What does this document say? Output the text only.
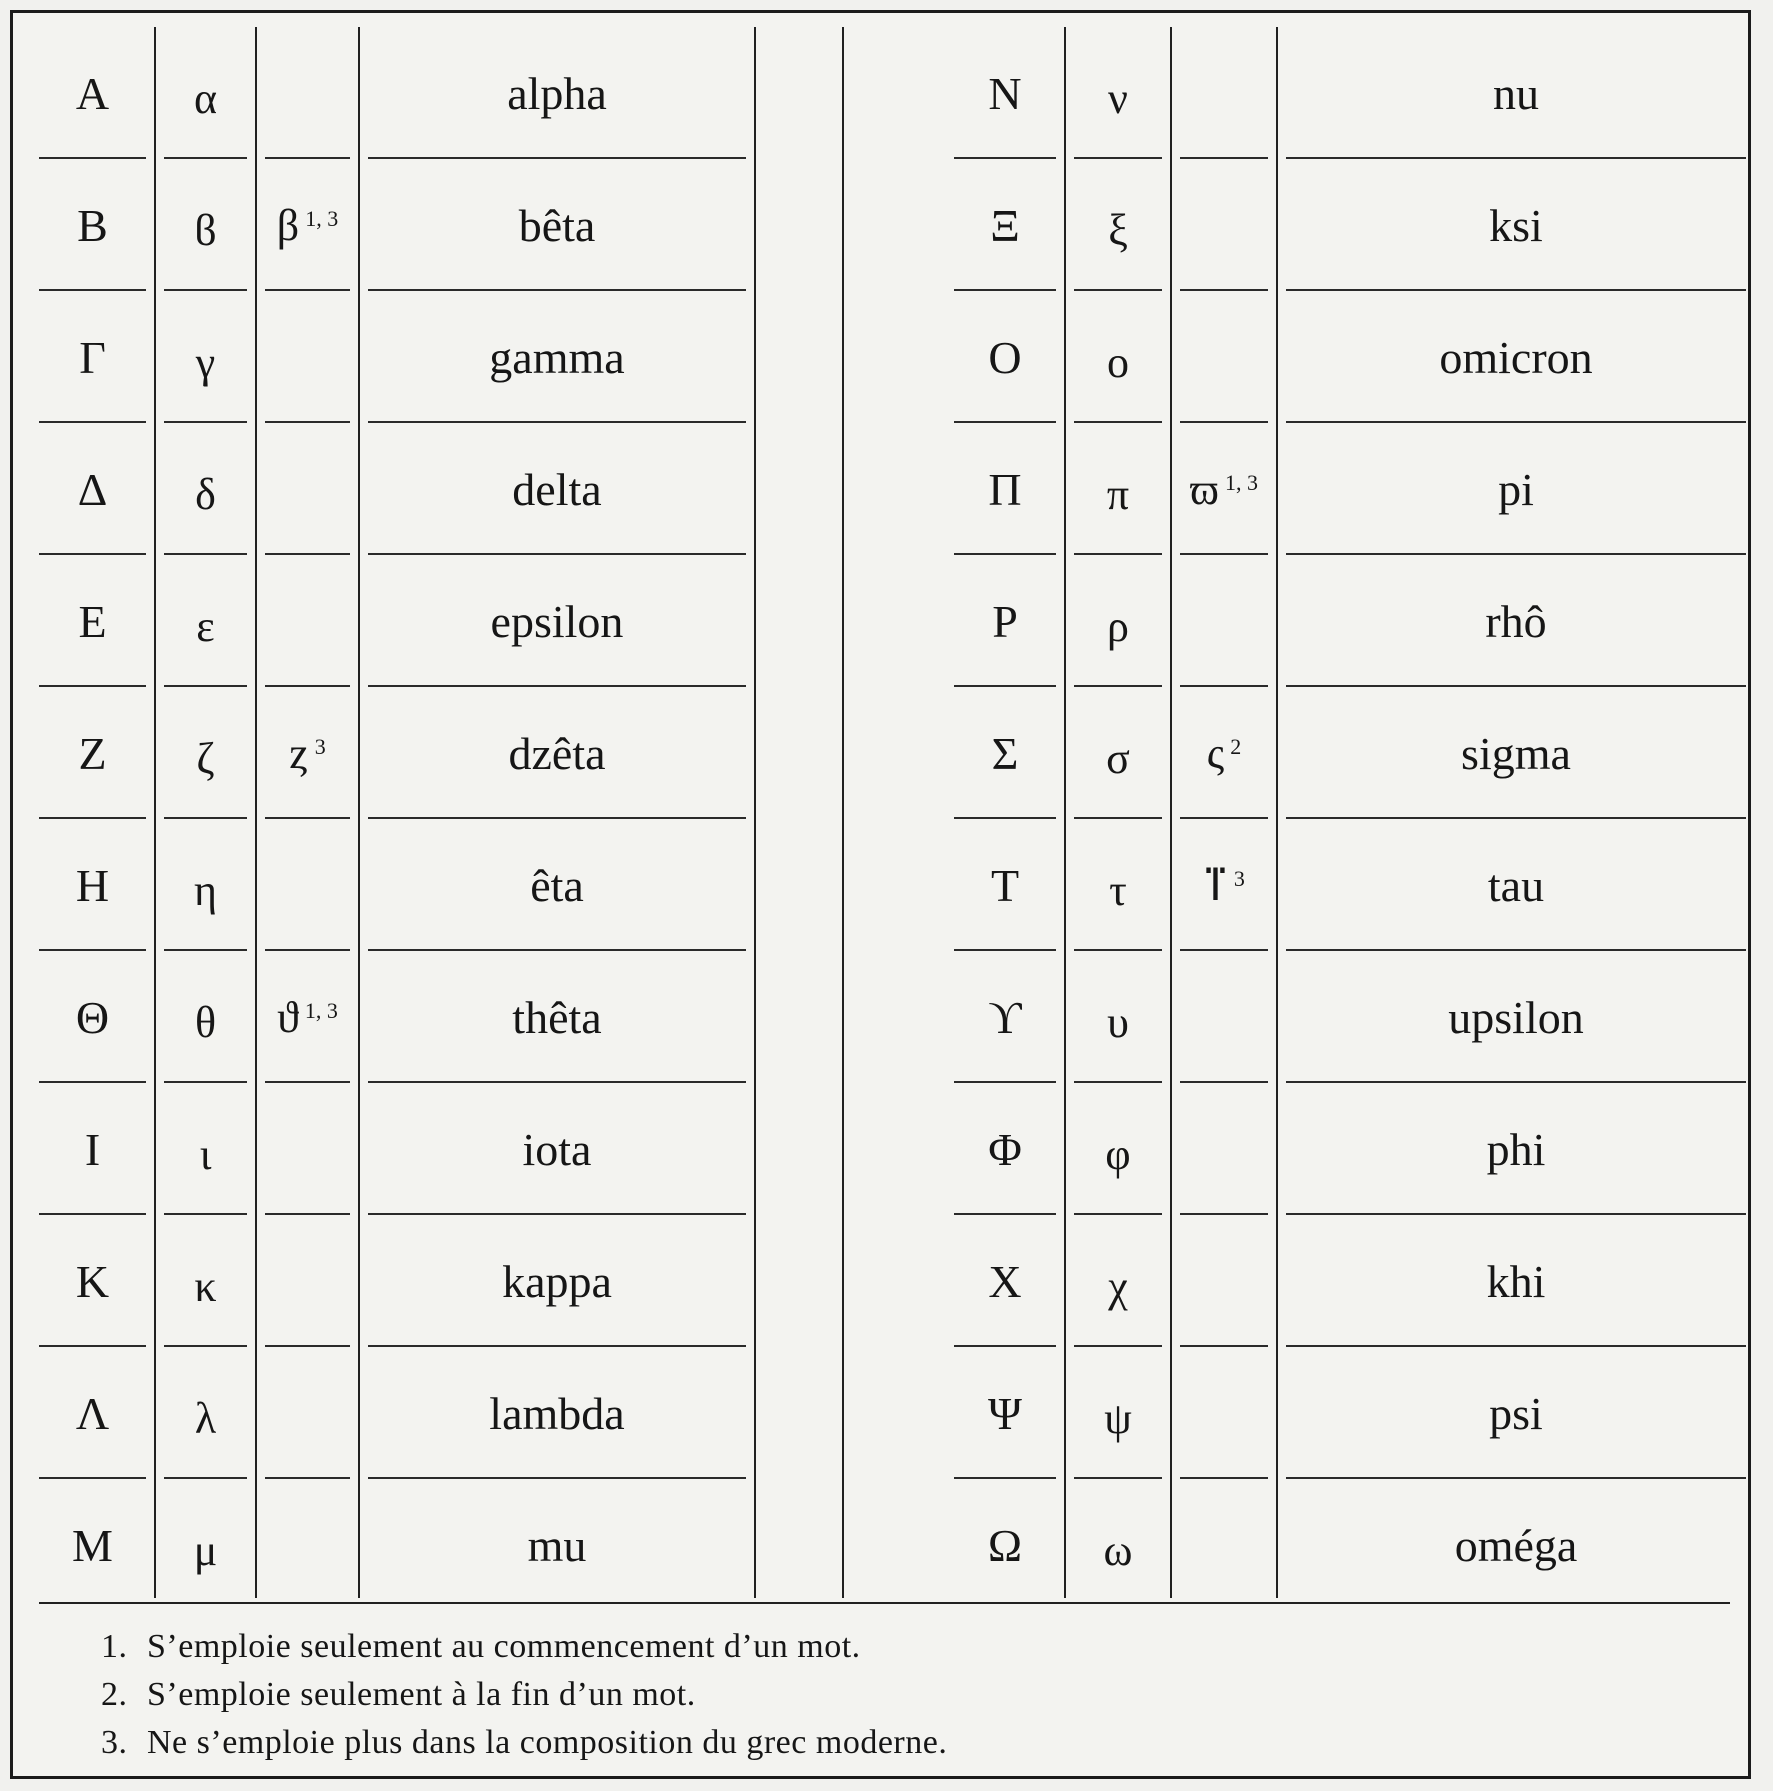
A α	alpha
B ϐ β $^{1, 3}$	bêta
Γ γ	gamma
Δ δ	delta
E ε	epsilon
Z ζ ȥ $^3$	dzêta
H η	êta
Θ θ ϑ $^{1, 3}$	thêta
I ι	iota
K κ	kappa
Λ λ	lambda
M μ	mu
N ν	nu
Ξ ξ	ksi
O o	omicron
Π π ϖ $^{1, 3}$	pi
P ρ	rhô
Σ σ ς $^2$	sigma
T τ ⴶ $^3$	tau
ϒ υ	upsilon
Φ φ	phi
X χ	khi
Ψ ψ	psi
Ω ω	oméga
1. S’emploie seulement au commencement d’un mot.
2. S’emploie seulement à la fin d’un mot.
3. Ne s’emploie plus dans la composition du grec moderne.
